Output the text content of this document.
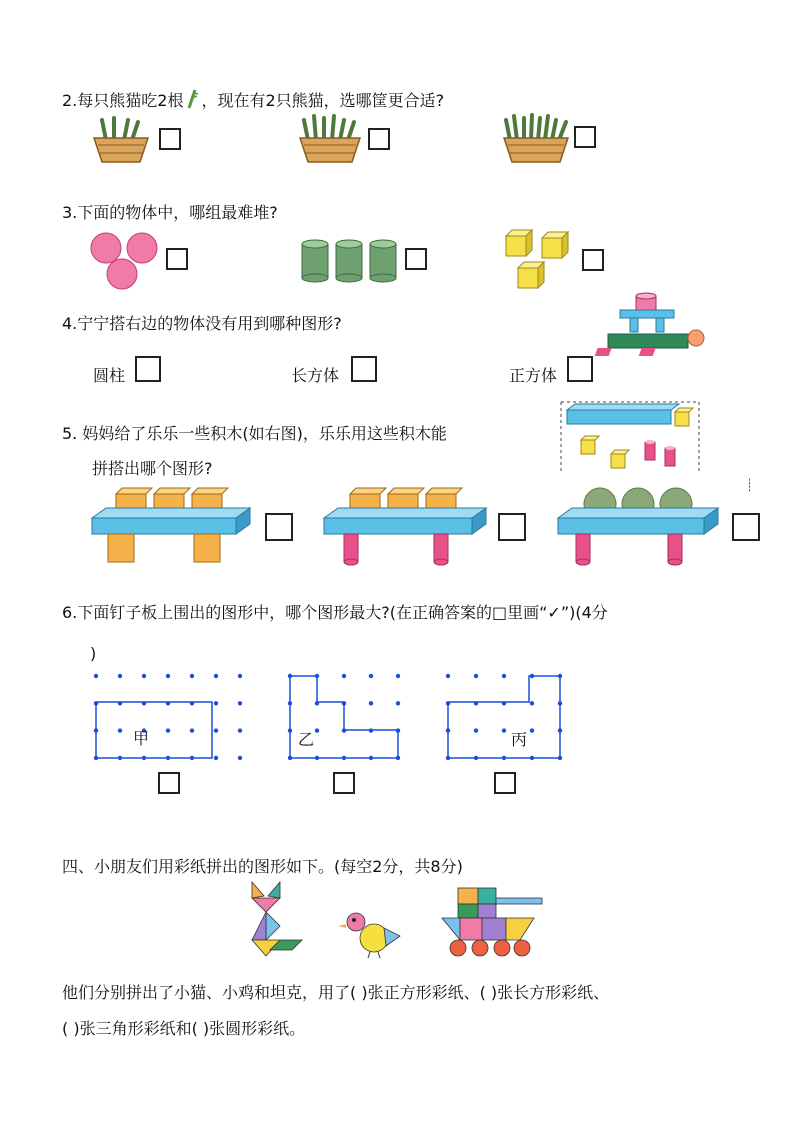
2.每只熊猫吃2根 ，现在有2只熊猫，选哪筐更合适?
3.下面的物体中，哪组最难堆?
4.宁宁搭右边的物体没有用到哪种图形?
圆柱	长方体	正方体
5. 妈妈给了乐乐一些积木(如右图)，乐乐用这些积木能
拼搭出哪个图形?
┊
6.下面钉子板上围出的图形中，哪个图形最大?(在正确答案的□里画“✓”)(4分
)
甲	乙	丙
四、小朋友们用彩纸拼出的图形如下。(每空2分，共8分)
他们分别拼出了小猫、小鸡和坦克，用了( )张正方形彩纸、( )张长方形彩纸、
( )张三角形彩纸和( )张圆形彩纸。
